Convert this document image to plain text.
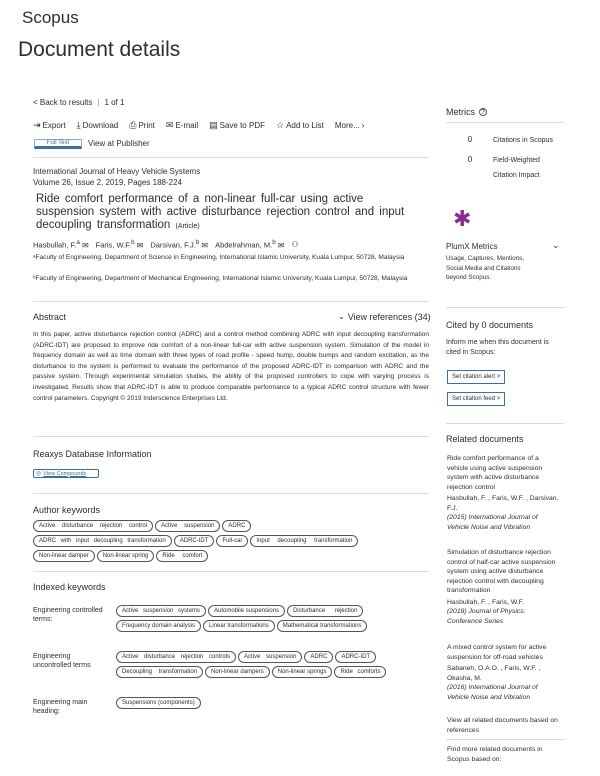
Scopus
Document details
< Back to results | 1 of 1
⇥ Export ⤓ Download ⎙ Print ✉ E-mail ▤ Save to PDF ☆ Add to List More... ›
Full Text	View at Publisher
International Journal of Heavy Vehicle Systems
Volume 26, Issue 2, 2019, Pages 188-224
Ride comfort performance of a non-linear full-car using active suspension system with active disturbance rejection control and input decoupling transformation (Article)
Hasbullah, F.$^a$ ✉ Faris, W.F.$^b$ ✉ Darsivan, F.J.$^b$ ✉ Abdelrahman, M.$^b$ ✉ ⚇
ᵃFaculty of Engineering, Department of Science in Engineering, International Islamic University, Kuala Lumpur, 50728, Malaysia
ᵇFaculty of Engineering, Department of Mechanical Engineering, International Islamic University, Kuala Lumpur, 50728, Malaysia
Abstract	⌄ View references (34)
In this paper, active disturbance rejection control (ADRC) and a control method combining ADRC with input decoupling transformation (ADRC-IDT) are proposed to improve ride comfort of a non-linear full-car with active suspension system. Simulation of the model in frequency domain as well as time domain with three types of road profile - speed hump, double bumps and random excitation, as the disturbance to the system is performed to evaluate the performance of the proposed ADRC-IDT in comparison with ADRC and the passive system. Through experimental simulation studies, the ability of the proposed controllers to cope with varying process is investigated. Results show that ADRC-IDT is able to produce comparable performance to a typical ADRC control structure with fewer control parameters. Copyright © 2019 Inderscience Enterprises Ltd.
Reaxys Database Information
◎ View Compounds
Author keywords
Active disturbance rejection control	Active suspension	ADRC
ADRC with input decoupling transformation	ADRC-IDT	Full-car	Input decoupling transformation
Non-linear damper	Non-linear spring	Ride comfort
Indexed keywords
Engineering controlled terms:
Active suspension systems	Automobile suspensions	Disturbance rejection
Frequency domain analysis	Linear transformations	Mathematical transformations
Engineering uncontrolled terms
Active disturbance rejection controls	Active suspension	ADRC	ADRC-IDT
Decoupling transformation	Non-linear dampers	Non-linear springs	Ride comforts
Engineering main heading:
Suspensions (components)
Metrics ?
0	Citations in Scopus
0	Field-Weighted
Citation Impact
✱
PlumX Metrics	⌄
Usage, Captures, Mentions, Social Media and Citations beyond Scopus.
Cited by 0 documents
Inform me when this document is cited in Scopus:
Set citation alert >
Set citation feed >
Related documents
Ride comfort performance of a vehicle using active suspension system with active disturbance rejection control
Hasbullah, F. , Faris, W.F. , Darsivan, F.J.
(2015) International Journal of Vehicle Noise and Vibration
Simulation of disturbance rejection control of half-car active suspension system using active disturbance rejection control with decoupling transformation
Hasbullah, F. , Faris, W.F.
(2018) Journal of Physics: Conference Series
A mixed control system for active suspension for off-road vehicles
Sabaneh, O.A.O. , Faris, W.F. , Okasha, M.
(2016) International Journal of Vehicle Noise and Vibration
View all related documents based on references
Find more related documents in Scopus based on:
